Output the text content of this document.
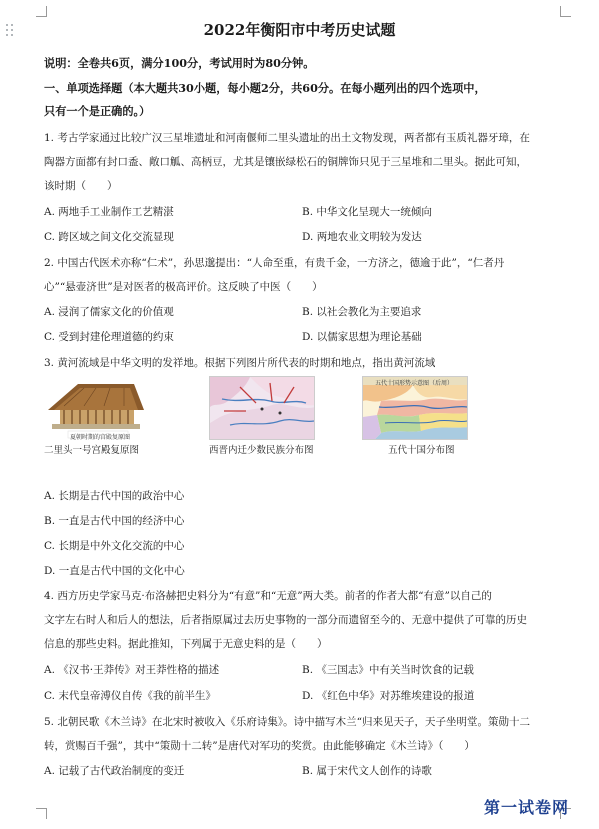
2022年衡阳市中考历史试题
说明：全卷共6页，满分100分，考试用时为80分钟。
一、单项选择题（本大题共30小题，每小题2分，共60分。在每小题列出的四个选项中，
只有一个是正确的。）
1. 考古学家通过比较广汉三星堆遗址和河南偃师二里头遗址的出土文物发现，两者都有玉质礼器牙璋，在
陶器方面都有封口盉、敞口觚、高柄豆，尤其是镶嵌绿松石的铜牌饰只见于三星堆和二里头。据此可知，
该时期（　　）
A. 两地手工业制作工艺精湛	B. 中华文化呈现大一统倾向
C. 跨区域之间文化交流显现	D. 两地农业文明较为发达
2. 中国古代医术亦称“仁术”，孙思邈提出：“人命至重，有贵千金，一方济之，德逾于此”，“仁者丹
心”“悬壶济世”是对医者的极高评价。这反映了中医（　　）
A. 浸润了儒家文化的价值观	B. 以社会教化为主要追求
C. 受到封建伦理道德的约束	D. 以儒家思想为理论基础
3. 黄河流域是中华文明的发祥地。根据下列图片所代表的时期和地点，指出黄河流域
夏朝时期的宫殿复原图
二里头一号宫殿复原图	西晋内迁少数民族分布图
五代十国形势示意图（后周）
五代十国分布图
A. 长期是古代中国的政治中心
B. 一直是古代中国的经济中心
C. 长期是中外文化交流的中心
D. 一直是古代中国的文化中心
4. 西方历史学家马克·布洛赫把史料分为“有意”和“无意”两大类。前者的作者大都“有意”以自己的
文字左右时人和后人的想法，后者指原属过去历史事物的一部分而遗留至今的、无意中提供了可靠的历史
信息的那些史料。据此推知，下列属于无意史料的是（　　）
A. 《汉书·王莽传》对王莽性格的描述	B. 《三国志》中有关当时饮食的记载
C. 末代皇帝溥仪自传《我的前半生》	D. 《红色中华》对苏维埃建设的报道
5. 北朝民歌《木兰诗》在北宋时被收入《乐府诗集》。诗中描写木兰“归来见天子，天子坐明堂。策勋十二
转，赏赐百千强”，其中“策勋十二转”是唐代对军功的奖赏。由此能够确定《木兰诗》（　　）
A. 记载了古代政治制度的变迁	B. 属于宋代文人创作的诗歌
第一试卷网
